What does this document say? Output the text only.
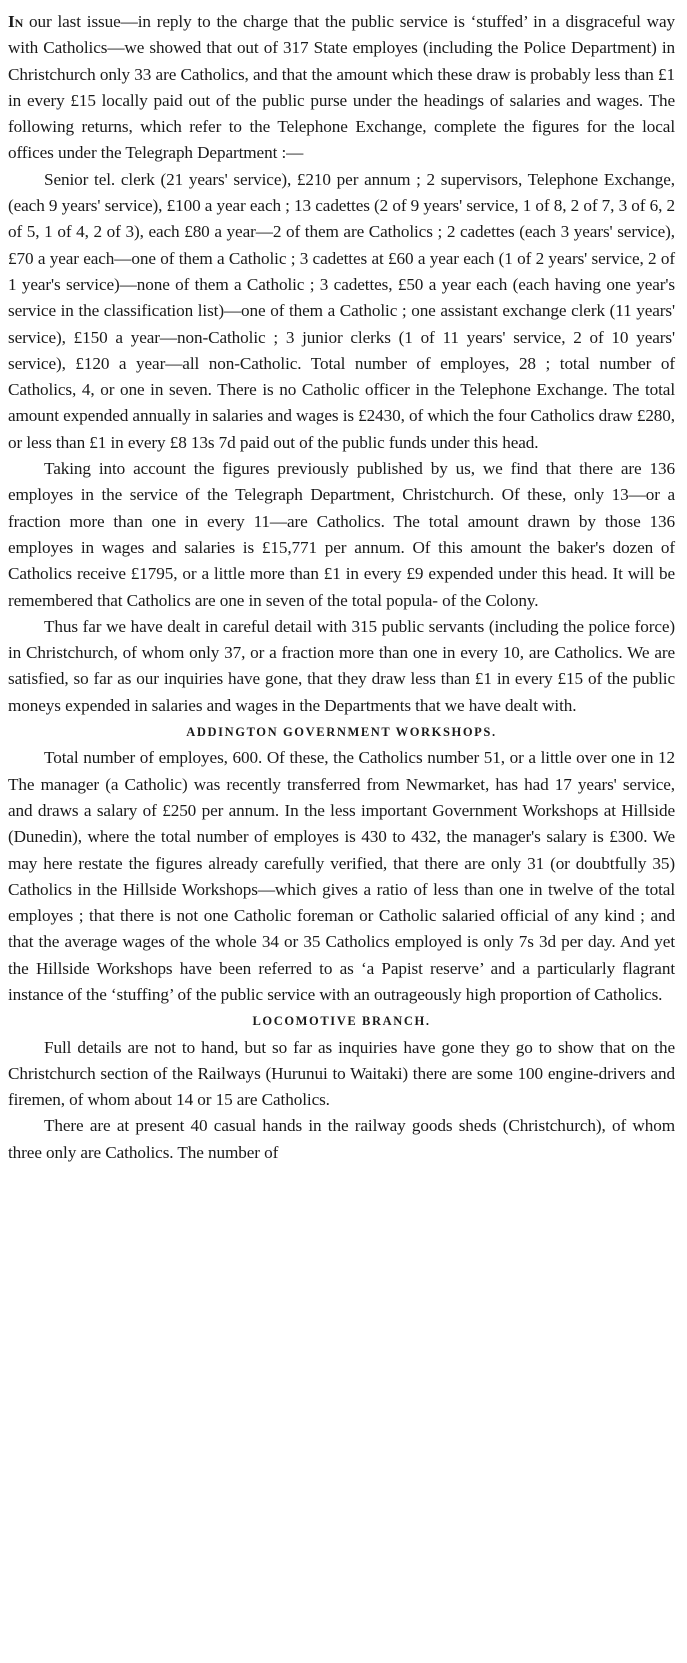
In our last issue—in reply to the charge that the public service is ‘stuffed’ in a disgraceful way with Catholics—we showed that out of 317 State employes (including the Police Department) in Christchurch only 33 are Catholics, and that the amount which these draw is probably less than £1 in every £15 locally paid out of the public purse under the headings of salaries and wages. The following returns, which refer to the Telephone Exchange, complete the figures for the local offices under the Telegraph Department :—

Senior tel. clerk (21 years' service), £210 per annum ; 2 supervisors, Telephone Exchange, (each 9 years' service), £100 a year each ; 13 cadettes (2 of 9 years' service, 1 of 8, 2 of 7, 3 of 6, 2 of 5, 1 of 4, 2 of 3), each £80 a year—2 of them are Catholics ; 2 cadettes (each 3 years' service), £70 a year each—one of them a Catholic ; 3 cadettes at £60 a year each (1 of 2 years' service, 2 of 1 year's service)—none of them a Catholic ; 3 cadettes, £50 a year each (each having one year's service in the classification list)—one of them a Catholic ; one assistant exchange clerk (11 years' service), £150 a year—non-Catholic ; 3 junior clerks (1 of 11 years' service, 2 of 10 years' service), £120 a year—all non-Catholic. Total number of employes, 28 ; total number of Catholics, 4, or one in seven. There is no Catholic officer in the Telephone Exchange. The total amount expended annually in salaries and wages is £2430, of which the four Catholics draw £280, or less than £1 in every £8 13s 7d paid out of the public funds under this head.

Taking into account the figures previously published by us, we find that there are 136 employes in the service of the Telegraph Department, Christchurch. Of these, only 13—or a fraction more than one in every 11—are Catholics. The total amount drawn by those 136 employes in wages and salaries is £15,771 per annum. Of this amount the baker's dozen of Catholics receive £1795, or a little more than £1 in every £9 expended under this head. It will be remembered that Catholics are one in seven of the total popula- of the Colony.

Thus far we have dealt in careful detail with 315 public servants (including the police force) in Christchurch, of whom only 37, or a fraction more than one in every 10, are Catholics. We are satisfied, so far as our inquiries have gone, that they draw less than £1 in every £15 of the public moneys expended in salaries and wages in the Departments that we have dealt with.

ADDINGTON GOVERNMENT WORKSHOPS.

Total number of employes, 600. Of these, the Catholics number 51, or a little over one in 12 The manager (a Catholic) was recently transferred from Newmarket, has had 17 years' service, and draws a salary of £250 per annum. In the less important Government Workshops at Hillside (Dunedin), where the total number of employes is 430 to 432, the manager's salary is £300. We may here restate the figures already carefully verified, that there are only 31 (or doubtfully 35) Catholics in the Hillside Workshops—which gives a ratio of less than one in twelve of the total employes ; that there is not one Catholic foreman or Catholic salaried official of any kind ; and that the average wages of the whole 34 or 35 Catholics employed is only 7s 3d per day. And yet the Hillside Workshops have been referred to as ‘a Papist reserve’ and a particularly flagrant instance of the ‘stuffing’ of the public service with an outrageously high proportion of Catholics.

LOCOMOTIVE BRANCH.

Full details are not to hand, but so far as inquiries have gone they go to show that on the Christchurch section of the Railways (Hurunui to Waitaki) there are some 100 engine-drivers and firemen, of whom about 14 or 15 are Catholics.

There are at present 40 casual hands in the railway goods sheds (Christchurch), of whom three only are Catholics. The number of
